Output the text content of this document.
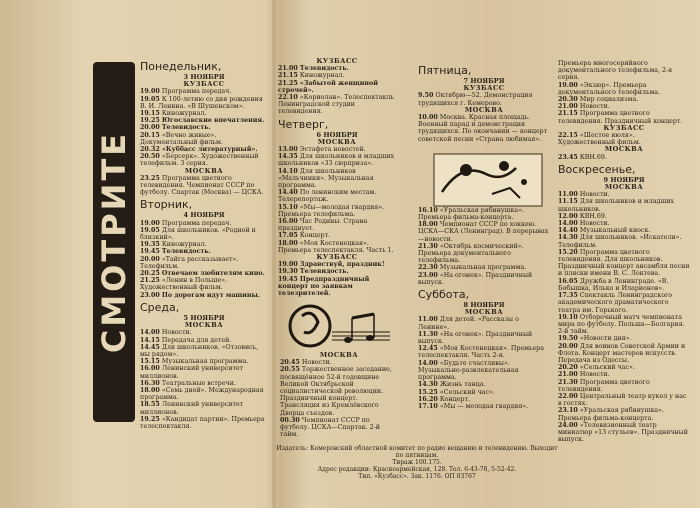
СМОТРИТЕ
Понедельник,
3 НОЯБРЯ
КУЗБАСС
19.00 Программа передач.
19.05 К 100-летию со дня рождения В. И. Ленина. «В Шушенском».
19.15 Киножурнал.
19.25 Югославские впечатления.
20.00 Телевидость.
20.15 «Вечно живые». Документальный фильм.
20.32 «Куббасс литературный».
20.50 «Берсерк». Художественный телефильм. 3 серия.
МОСКВА
23.25 Программа цветного телевидения. Чемпионат СССР по футболу. Спартак (Москва) — ЦСКА.
Вторник,
4 НОЯБРЯ
19.00 Программа передач.
19.05 Для школьников. «Родной и близкий».
19.35 Киножурнал.
19.45 Телевидость.
20.00 «Тайга рассказывает». Телефильм.
20.25 Отвечаем любителям кино.
21.25 «Ленин в Польше». Художественный фильм.
23.00 По дорогам идут машины.
Среда,
5 НОЯБРЯ
МОСКВА
14.00 Новости.
14.15 Передача для детей.
14.45 Для школьников. «Отзовись, мы рядом».
15.15 Музыкальная программа.
16.00 Ленинский университет миллионов.
16.30 Театральные встречи.
18.00 «Семь дней». Международная программа.
18.55 Ленинский университет миллионов.
19.25 «Кандидат партии». Премьера телеспектакля.
КУЗБАСС
21.00 Телевидость.
21.15 Киножурнал.
21.25 «Забытой женщиной строчей».
22.10 «Кориолан». Телеспектакль Ленинградской студии телевидения.
Четверг,
6 НОЯБРЯ
МОСКВА
13.00 Эстафета новостей.
14.35 Для школьников и младших школьников «33 сюрприза».
14.10 Для школьников «Мальчиики». Музыкальная программа.
14.40 По ленинским местам. Телерепортаж.
15.10 «Мы—молодая гвардия». Премьера телефильма.
16.00 Час Родины. Страна празднует.
17.05 Концерт.
18.00 «Моя Костенецкая». Премьера телеспектакля. Часть 1.
КУЗБАСС
19.00 Здравствуй, праздник!
19.30 Телевидость.
19.45 Предпраздничный концерт по заявкам телезрителей.
МОСКВА
20.45 Новости.
20.55 Торжественное заседание, посвящённое 52-й годовщине Великой Октябрьской социалистической революции. Праздничный концерт. Трансляция из Кремлёвского Дворца съездов.
00.30 Чемпионат СССР по футболу. ЦСКА—Спартак. 2-й тайм.
Пятница,
7 НОЯБРЯ
КУЗБАСС
9.50 Октябрю—52. Демонстрация трудящихся г. Кемерово.
МОСКВА
10.00 Москва. Красная площадь. Военный парад и демонстрация трудящихся. По окончании — концерт советской песни «Страна любимая».
16.10 «Уральская рябинушка». Премьера фильма-концерта.
18.00 Чемпионат СССР по хоккею. ЦСКА—СКА (Ленинград). В перерывах—новости.
21.30 «Октябрь космический». Премьера документального телефильма.
22.30 Музыкальная программа.
23.00 «На огонек». Праздничный выпуск.
Суббота,
8 НОЯБРЯ
МОСКВА
11.00 Для детей. «Рассказы о Ленине».
11.30 «На огонек». Праздничный выпуск.
12.45 «Моя Костенецкая». Премьера телеспектакля. Часть 2-я.
14.00 «Будьте счастливы». Музыкально-развлекательная программа.
14.30 Жизнь танца.
15.25 «Сельский час».
16.20 Концерт.
17.10 «Мы — молодая гвардия».
Премьера многосерийного документального телефильма, 2-я серия.
19.00 «Экзюр». Премьера документального телефильма.
20.30 Мир социализма.
21.00 Новости.
21.15 Программа цветного телевидения. Праздничный концерт.
КУЗБАСС
22.15 «Шестое июля». Художественный фильм.
МОСКВА
23.45 КВН.69.
Воскресенье,
9 НОЯБРЯ
МОСКВА
11.00 Новости.
11.15 Для школьников и младших школьников.
12.00 КВН.69.
14.00 Новости.
14.40 Музыкальный киоск.
14.30 Для школьников. «Искатели». Телефильм.
15.20 Программа цветного телевидения. Для школьников. Праздничный концерт ансамбля песни и пляски имени В. С. Локтева.
16.05 Дружба в Ленинграде. «В. Бобышка, Илько и Иларионов».
17.35 Спектакль Ленинградского академического драматического театра им. Горького.
19.10 Отборочный матч чемпионата мира по футболу. Польша—Болгария. 2-й тайм.
19.50 «Новости дня».
20.00 Для воинов Советской Армии и Флота. Концерт мастеров искусств. Передача из Одессы.
20.20 «Сельский час».
21.00 Новости.
21.30 Программа цветного телевидения.
22.00 Центральный театр кукол у нас в гостях.
23.10 «Уральская рябинушка». Премьера фильма-концерта.
24.00 «Телевизионный театр миниатюр «13 стульев». Праздничный выпуск.
Издатель: Кемеровский областной комитет по радио вещанию и телевидению. Выходит по пятницам.
Тираж 100.175.
Адрес редакции: Красноармейская, 128. Тел. 6-43-78, 5-52-42.
Тип. «Кузбасс». Зак. 1176. ОП 03767
